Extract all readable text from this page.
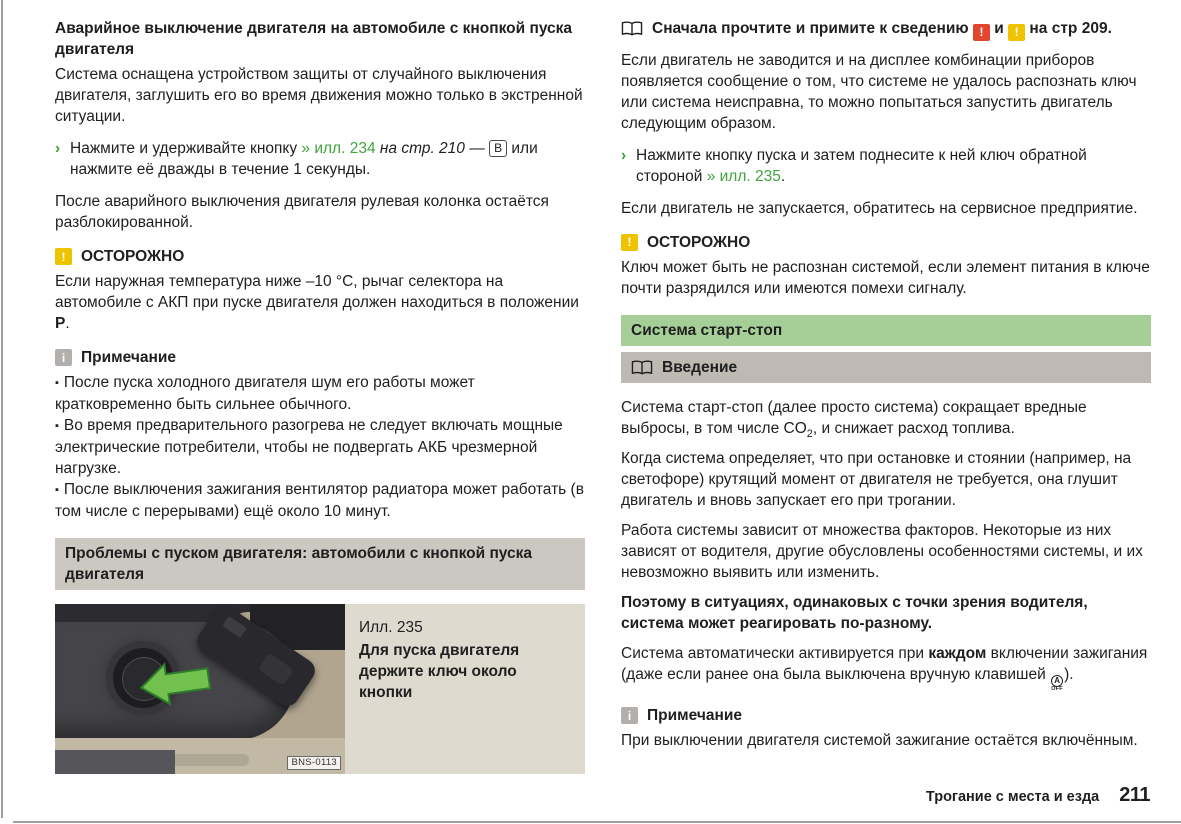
Аварийное выключение двигателя на автомобиле с кнопкой пуска двигателя

Система оснащена устройством защиты от случайного выключения двигателя, заглушить его во время движения можно только в экстренной ситуации.

› Нажмите и удерживайте кнопку » илл. 234 на стр. 210 — B или нажмите её дважды в течение 1 секунды.

После аварийного выключения двигателя рулевая колонка остаётся разблокированной.

!	ОСТОРОЖНО

Если наружная температура ниже –10 °C, рычаг селектора на автомобиле с АКП при пуске двигателя должен находиться в положении P.

i	Примечание

▪ После пуска холодного двигателя шум его работы может кратковременно быть сильнее обычного.

▪ Во время предварительного разогрева не следует включать мощные электрические потребители, чтобы не подвергать АКБ чрезмерной нагрузке.

▪ После выключения зажигания вентилятор радиатора может работать (в том числе с перерывами) ещё около 10 минут.

Проблемы с пуском двигателя: автомобили с кнопкой пуска двигателя
BNS-0113

Илл. 235

Для пуска двигателя держите ключ около кнопки

Сначала прочтите и примите к сведению ! и ! на стр 209.

Если двигатель не заводится и на дисплее комбинации приборов появляется сообщение о том, что системе не удалось распознать ключ или система неисправна, то можно попытаться запустить двигатель следующим образом.

› Нажмите кнопку пуска и затем поднесите к ней ключ обратной стороной » илл. 235.

Если двигатель не запускается, обратитесь на сервисное предприятие.

!	ОСТОРОЖНО

Ключ может быть не распознан системой, если элемент питания в ключе почти разрядился или имеются помехи сигналу.

Система старт-стоп
Введение

Система старт-стоп (далее просто система) сокращает вредные выбросы, в том числе $CO_2$, и снижает расход топлива.

Когда система определяет, что при остановке и стоянии (например, на светофоре) крутящий момент от двигателя не требуется, она глушит двигатель и вновь запускает его при трогании.

Работа системы зависит от множества факторов. Некоторые из них зависят от водителя, другие обусловлены особенностями системы, и их невозможно выявить или изменить.

Поэтому в ситуациях, одинаковых с точки зрения водителя, система может реагировать по-разному.

Система автоматически активируется при каждом включении зажигания (даже если ранее она была выключена вручную клавишей A
OFF
).

i	Примечание

При выключении двигателя системой зажигание остаётся включённым.

Трогание с места и езда 211
